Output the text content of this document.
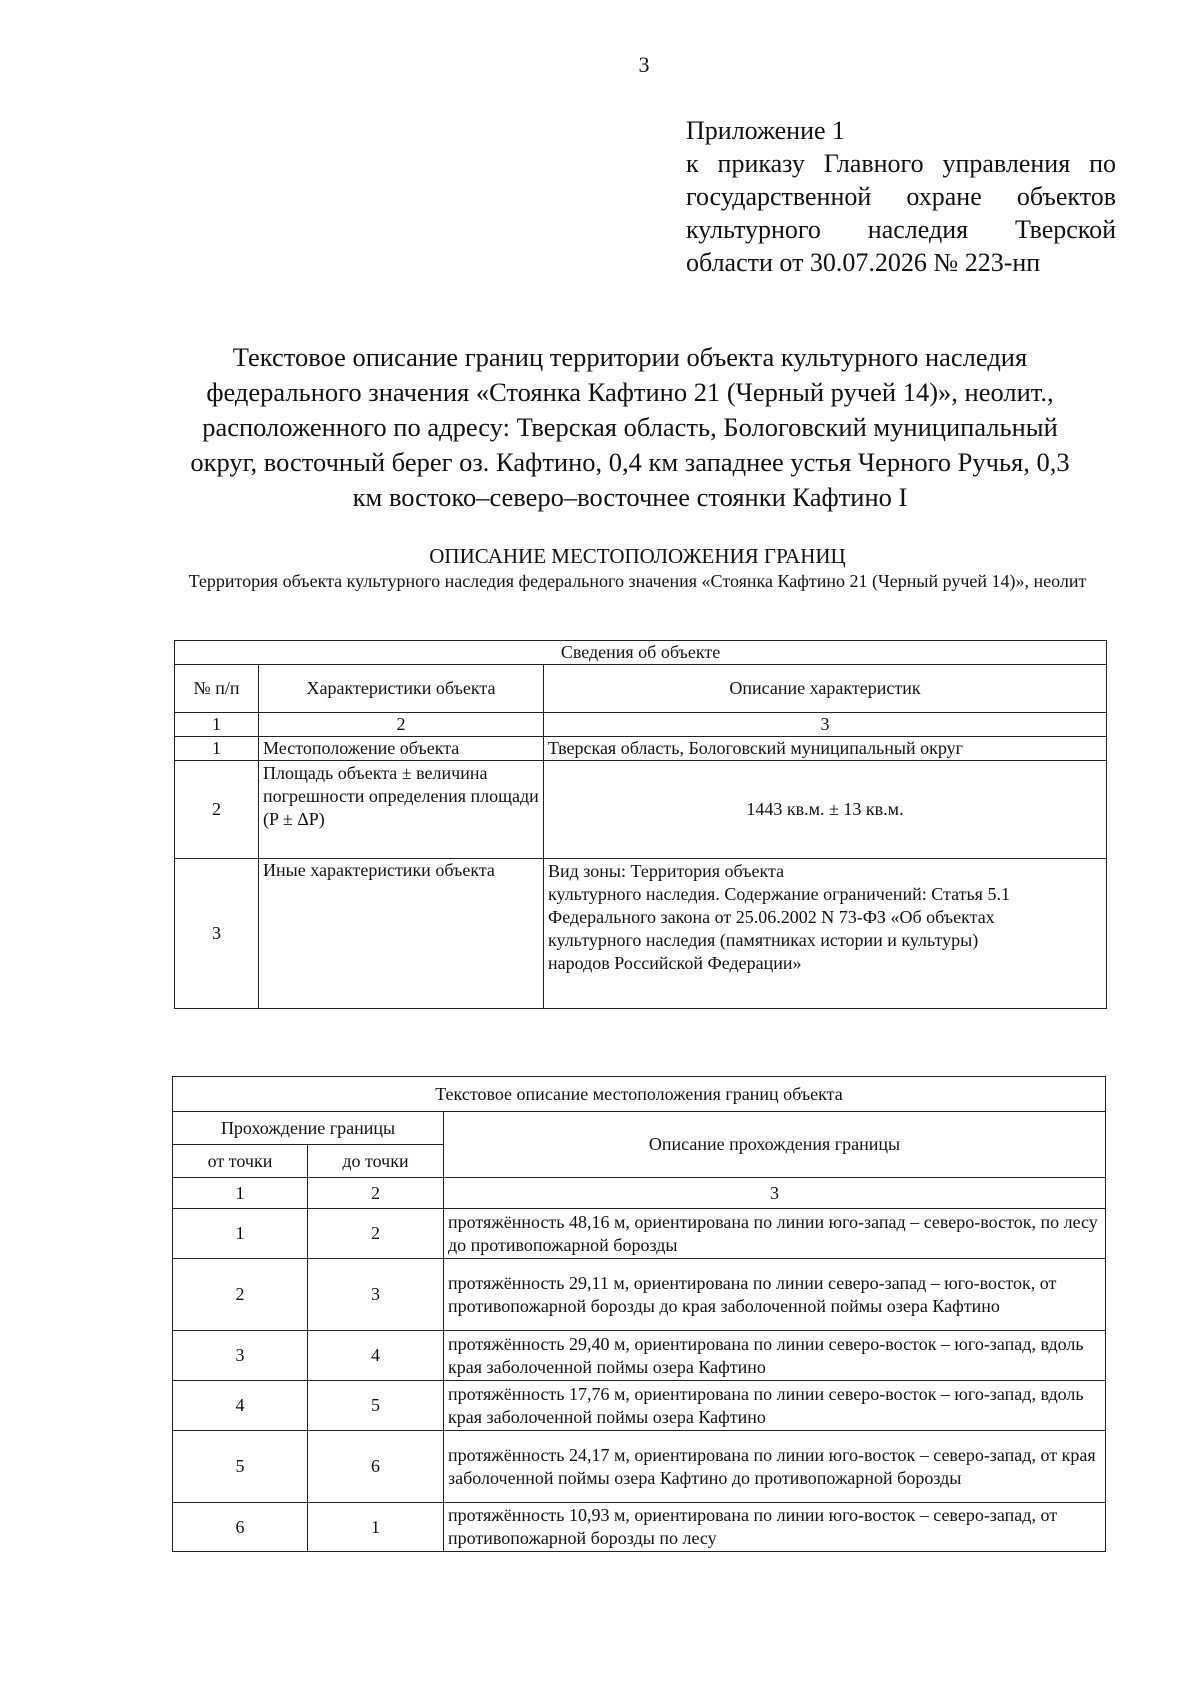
3
Приложение 1
к приказу Главного управления по
государственной охране объектов
культурного наследия Тверской
области от 30.07.2026 № 223-нп
Текстовое описание границ территории объекта культурного наследия
федерального значения «Стоянка Кафтино 21 (Черный ручей 14)», неолит.,
расположенного по адресу: Тверская область, Бологовский муниципальный
округ, восточный берег оз. Кафтино, 0,4 км западнее устья Черного Ручья, 0,3
км востоко–северо–восточнее стоянки Кафтино I
ОПИСАНИЕ МЕСТОПОЛОЖЕНИЯ ГРАНИЦ
Территория объекта культурного наследия федерального значения «Стоянка Кафтино 21 (Черный ручей 14)», неолит
Сведения об объекте		
№ п/п	Характеристики объекта	Описание характеристик
1	2	3
1	Местоположение объекта	Тверская область, Бологовский муниципальный округ
2	Площадь объекта ± величина погрешности определения площади (P ± ΔР)	1443 кв.м. ± 13 кв.м.
3	Иные характеристики объекта	Вид зоны: Территория объекта
культурного наследия. Содержание ограничений: Статья 5.1
Федерального закона от 25.06.2002 N 73-ФЗ «Об объектах
культурного наследия (памятниках истории и культуры)
народов Российской Федерации»
Текстовое описание местоположения границ объекта		
Прохождение границы		Описание прохождения границы
от точки	до точки	
1	2	3
1	2	протяжённость 48,16 м, ориентирована по линии юго-запад – северо-восток, по лесу до противопожарной борозды
2	3	протяжённость 29,11 м, ориентирована по линии северо-запад – юго-восток, от противопожарной борозды до края заболоченной поймы озера Кафтино
3	4	протяжённость 29,40 м, ориентирована по линии северо-восток – юго-запад, вдоль края заболоченной поймы озера Кафтино
4	5	протяжённость 17,76 м, ориентирована по линии северо-восток – юго-запад, вдоль края заболоченной поймы озера Кафтино
5	6	протяжённость 24,17 м, ориентирована по линии юго-восток – северо-запад, от края заболоченной поймы озера Кафтино до противопожарной борозды
6	1	протяжённость 10,93 м, ориентирована по линии юго-восток – северо-запад, от противопожарной борозды по лесу
